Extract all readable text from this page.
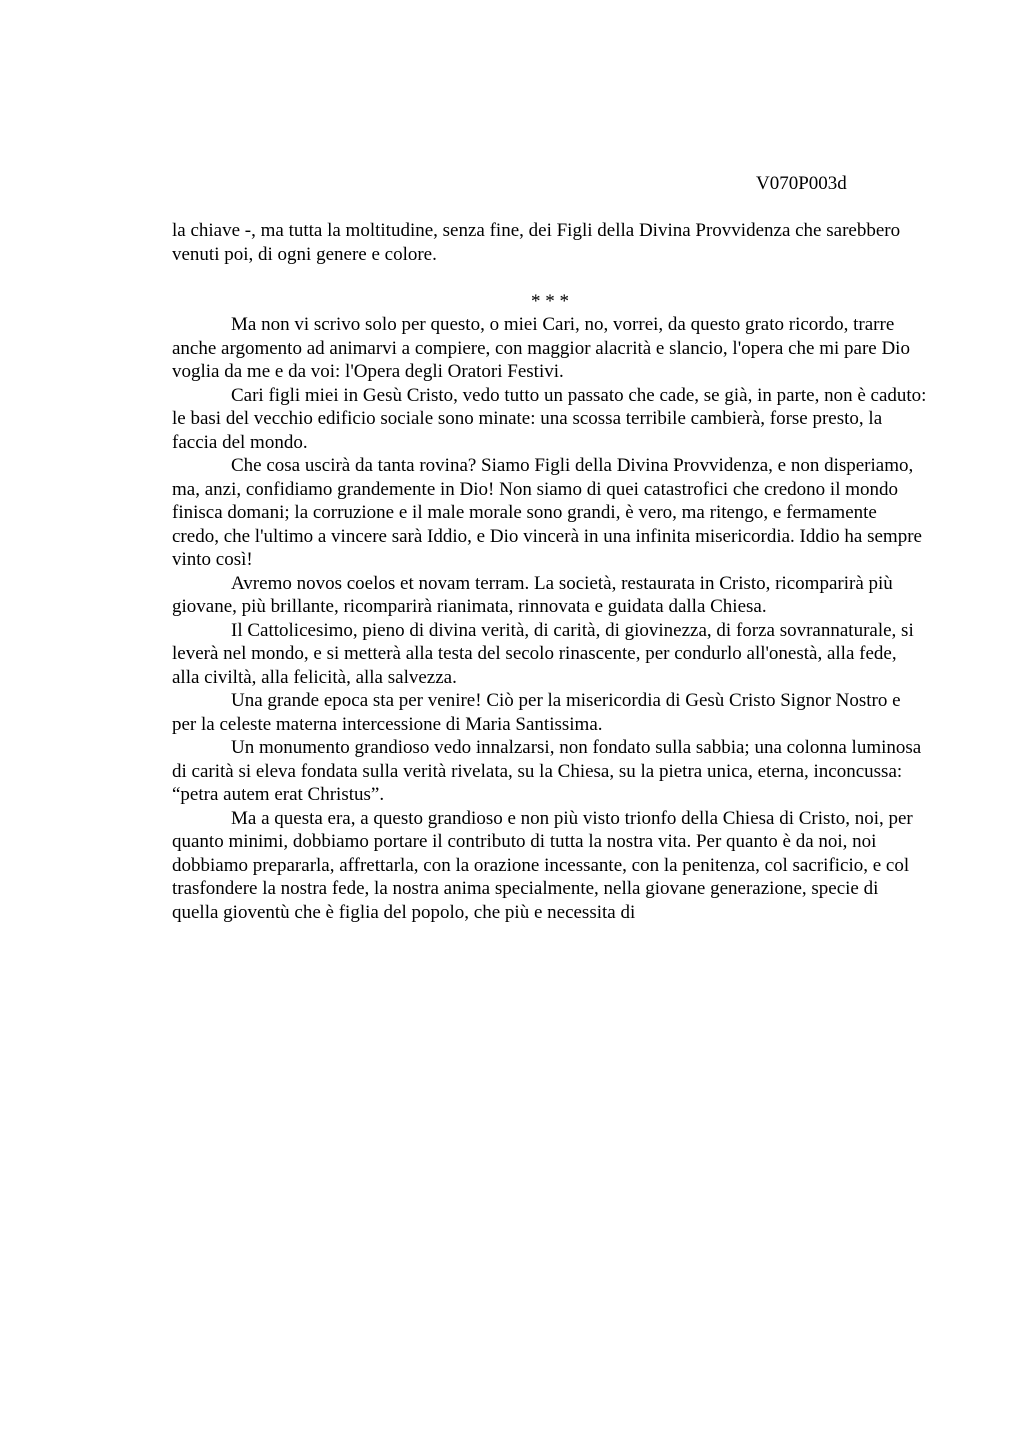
V070P003d

la chiave -, ma tutta la moltitudine, senza fine, dei Figli della Divina Provvidenza che sarebbero venuti poi, di ogni genere e colore.

* * *

Ma non vi scrivo solo per questo, o miei Cari, no, vorrei, da questo grato ricordo, trarre anche argomento ad animarvi a compiere, con maggior alacrità e slancio, l'opera che mi pare Dio voglia da me e da voi: l'Opera degli Oratori Festivi.

Cari figli miei in Gesù Cristo, vedo tutto un passato che cade, se già, in parte, non è caduto: le basi del vecchio edificio sociale sono minate: una scossa terribile cambierà, forse presto, la faccia del mondo.

Che cosa uscirà da tanta rovina? Siamo Figli della Divina Provvidenza, e non disperiamo, ma, anzi, confidiamo grandemente in Dio! Non siamo di quei catastrofici che credono il mondo finisca domani; la corruzione e il male morale sono grandi, è vero, ma ritengo, e fermamente credo, che l'ultimo a vincere sarà Iddio, e Dio vincerà in una infinita misericordia. Iddio ha sempre vinto così!

Avremo novos coelos et novam terram. La società, restaurata in Cristo, ricomparirà più giovane, più brillante, ricomparirà rianimata, rinnovata e guidata dalla Chiesa.

Il Cattolicesimo, pieno di divina verità, di carità, di giovinezza, di forza sovrannaturale, si leverà nel mondo, e si metterà alla testa del secolo rinascente, per condurlo all'onestà, alla fede, alla civiltà, alla felicità, alla salvezza.

Una grande epoca sta per venire! Ciò per la misericordia di Gesù Cristo Signor Nostro e per la celeste materna intercessione di Maria Santissima.

Un monumento grandioso vedo innalzarsi, non fondato sulla sabbia; una colonna luminosa di carità si eleva fondata sulla verità rivelata, su la Chiesa, su la pietra unica, eterna, inconcussa: “petra autem erat Christus”.

Ma a questa era, a questo grandioso e non più visto trionfo della Chiesa di Cristo, noi, per quanto minimi, dobbiamo portare il contributo di tutta la nostra vita. Per quanto è da noi, noi dobbiamo prepararla, affrettarla, con la orazione incessante, con la penitenza, col sacrificio, e col trasfondere la nostra fede, la nostra anima specialmente, nella giovane generazione, specie di quella gioventù che è figlia del popolo, che più e necessita di
